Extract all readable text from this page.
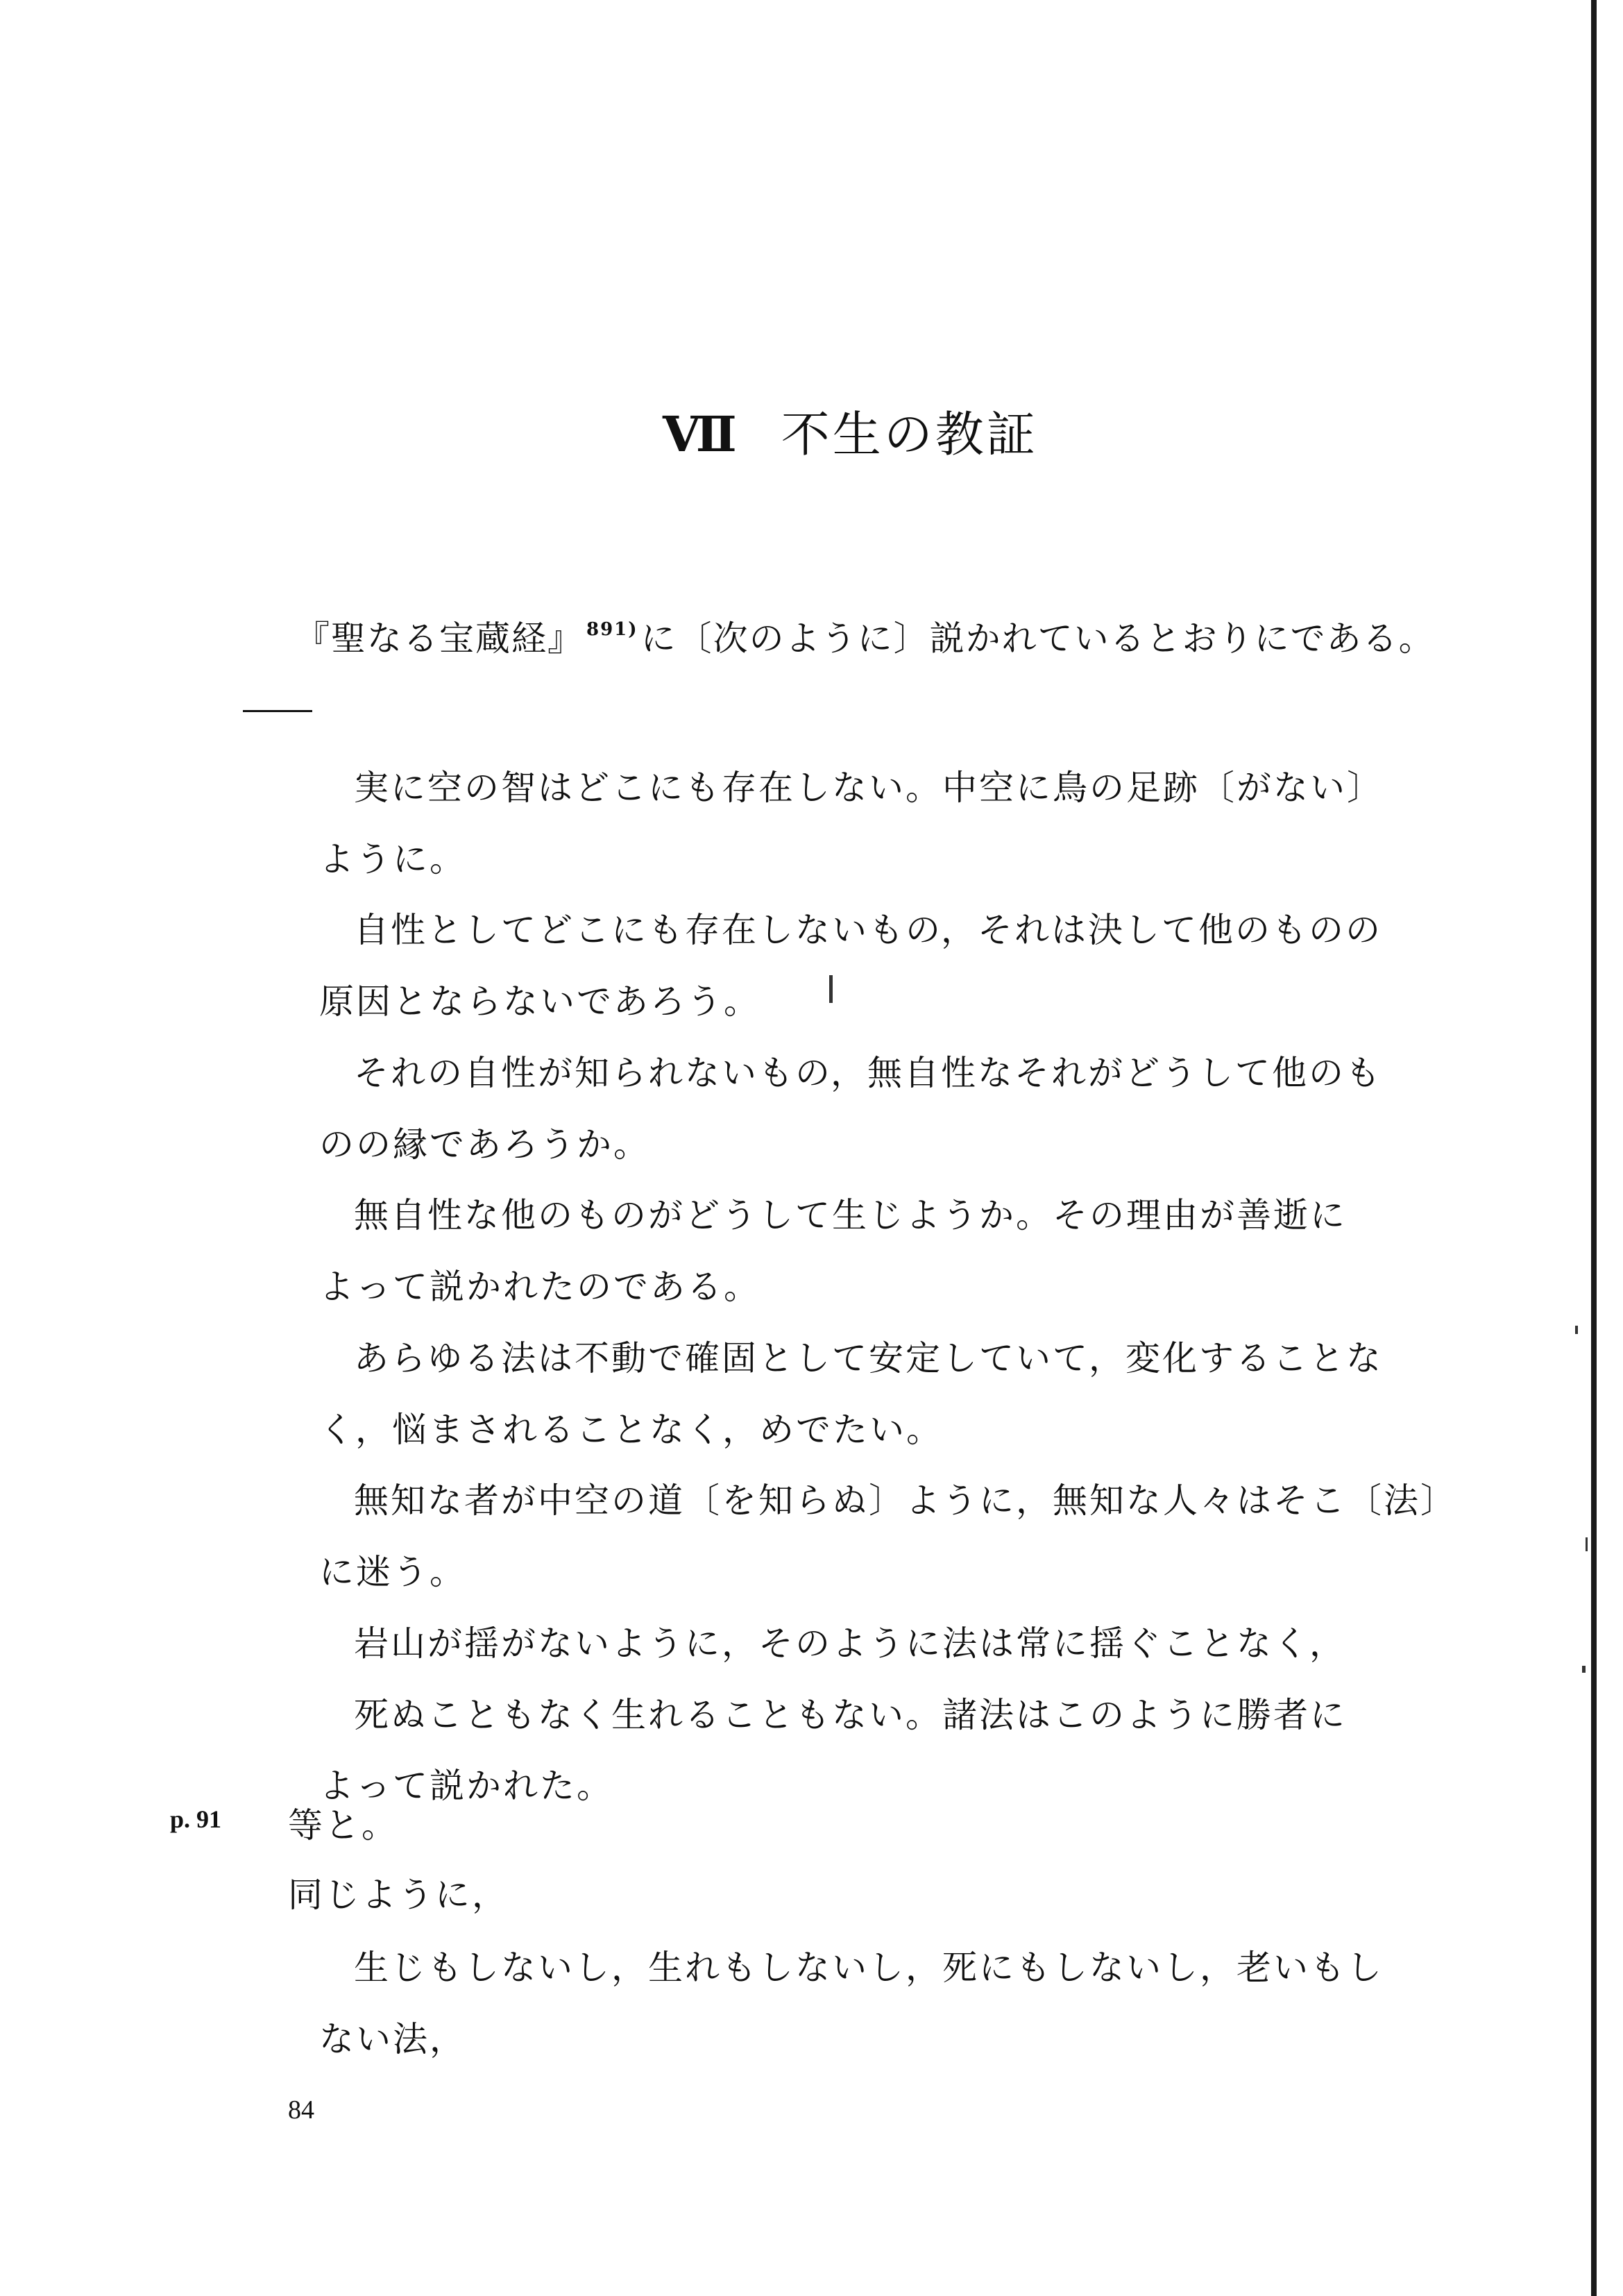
Ⅶ 不生の教証
『聖なる宝蔵経』 $^{891)}$に〔次のように〕説かれているとおりにである。
実に空の智はどこにも存在しない。中空に鳥の足跡〔がない〕
ように。
自性としてどこにも存在しないもの，それは決して他のものの
原因とならないであろう。
それの自性が知られないもの，無自性なそれがどうして他のも
のの縁であろうか。
無自性な他のものがどうして生じようか。その理由が善逝に
よって説かれたのである。
あらゆる法は不動で確固として安定していて，変化することな
く，悩まされることなく，めでたい。
無知な者が中空の道〔を知らぬ〕ように，無知な人々はそこ〔法〕
に迷う。
岩山が揺がないように，そのように法は常に揺ぐことなく，
死ぬこともなく生れることもない。諸法はこのように勝者に
よって説かれた。
p. 91 等と。
同じように，
生じもしないし，生れもしないし，死にもしないし，老いもし
ない法，
84
